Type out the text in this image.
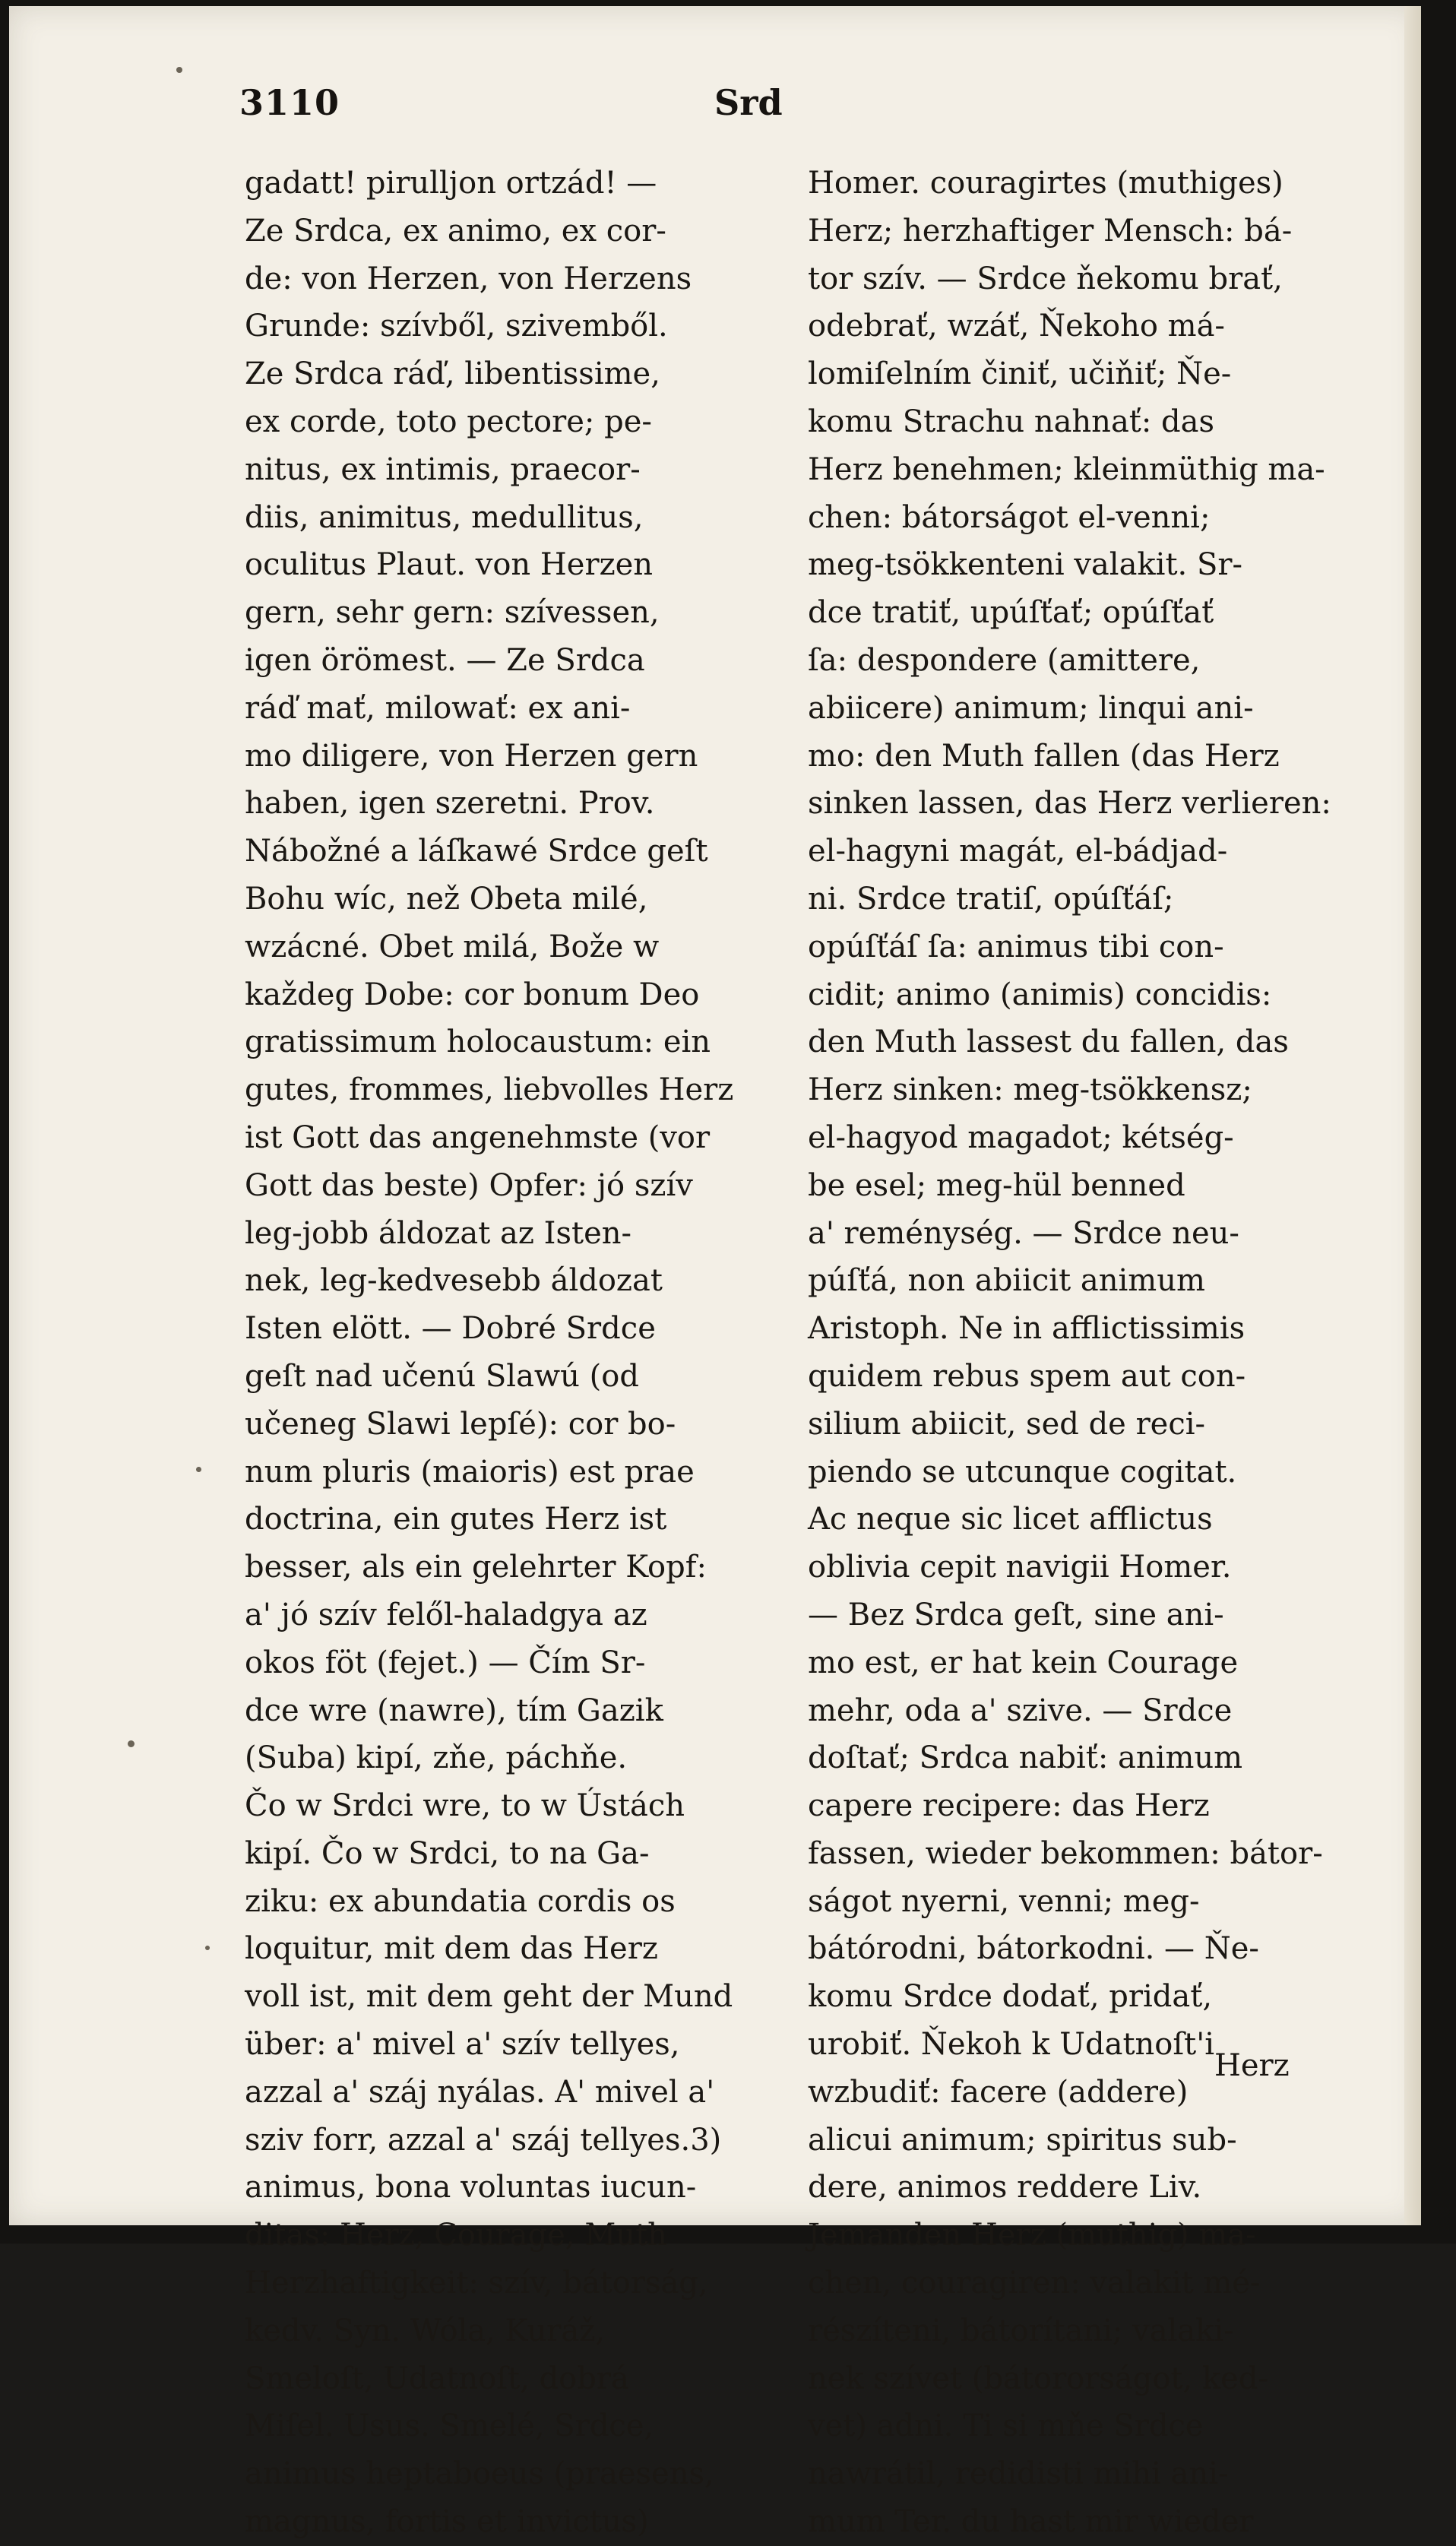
3110	Srd
gadatt! pirulljon ortzád! —
Ze Srdca, ex animo, ex cor-
de: von Herzen, von Herzens
Grunde: szívből, szivemből.
Ze Srdca ráď, libentissime,
ex corde, toto pectore; pe-
nitus, ex intimis, praecor-
diis, animitus, medullitus,
oculitus Plaut. von Herzen
gern, sehr gern: szívessen,
igen örömest. — Ze Srdca
ráď mať, milowať: ex ani-
mo diligere, von Herzen gern
haben, igen szeretni. Prov.
Nábožné a láſkawé Srdce geſt
Bohu wíc, než Obeta milé,
wzácné. Obet milá, Bože w
každeg Dobe: cor bonum Deo
gratissimum holocaustum: ein
gutes, frommes, liebvolles Herz
ist Gott das angenehmste (vor
Gott das beste) Opfer: jó szív
leg-jobb áldozat az Isten-
nek, leg-kedvesebb áldozat
Isten elött. — Dobré Srdce
geſt nad učenú Slawú (od
učeneg Slawi lepſé): cor bo-
num pluris (maioris) est prae
doctrina, ein gutes Herz ist
besser, als ein gelehrter Kopf:
a' jó szív felől-haladgya az
okos föt (fejet.) — Čím Sr-
dce wre (nawre), tím Gazik
(Suba) kipí, zňe, páchňe.
Čo w Srdci wre, to w Ústách
kipí. Čo w Srdci, to na Ga-
ziku: ex abundatia cordis os
loquitur, mit dem das Herz
voll ist, mit dem geht der Mund
über: a' mivel a' szív tellyes,
azzal a' száj nyálas. A' mivel a'
sziv forr, azzal a' száj tellyes.3)
animus, bona voluntas iucun-
ditas: Herz, Courage, Muth
Herzhaftigkeit: szív, bátorság,
kedv. Syn. Wóla, Kuráž,
Smeloſt, Udatnoſt, dobrá
Miſel. Usus. Smelé, Srdce,
animus heptaboeus (praesens,
magnus, fortis et invictus)
Homer. couragirtes (muthiges)
Herz; herzhaftiger Mensch: bá-
tor szív. — Srdce ňekomu brať,
odebrať, wzáť, Ňekoho má-
lomiſelním činiť, učiňiť; Ňe-
komu Strachu nahnať: das
Herz benehmen; kleinmüthig ma-
chen: bátorságot el-venni;
meg-tsökkenteni valakit. Sr-
dce tratiť, upúſťať; opúſťať
ſa: despondere (amittere,
abiicere) animum; linqui ani-
mo: den Muth fallen (das Herz
sinken lassen, das Herz verlieren:
el-hagyni magát, el-bádjad-
ni. Srdce tratiſ, opúſťáſ;
opúſťáſ ſa: animus tibi con-
cidit; animo (animis) concidis:
den Muth lassest du fallen, das
Herz sinken: meg-tsökkensz;
el-hagyod magadot; kétség-
be esel; meg-hül benned
a' reménység. — Srdce neu-
púſťá, non abiicit animum
Aristoph. Ne in afflictissimis
quidem rebus spem aut con-
silium abiicit, sed de reci-
piendo se utcunque cogitat.
Ac neque sic licet afflictus
oblivia cepit navigii Homer.
— Bez Srdca geſt, sine ani-
mo est, er hat kein Courage
mehr, oda a' szive. — Srdce
doſtať; Srdca nabiť: animum
capere recipere: das Herz
fassen, wieder bekommen: bátor-
ságot nyerni, venni; meg-
bátórodni, bátorkodni. — Ňe-
komu Srdce dodať, pridať,
urobiť. Ňekoh k Udatnoſt'i
wzbudiť: facere (addere)
alicui animum; spiritus sub-
dere, animos reddere Liv.
Jemanden Herz (muthig) ma-
chen, couragiren: valakit mé-
részíteni, bátorítani; valaki-
nek szívet (bátororságot, ked-
vet) adni. Ti si mňe Srdce
nawrátil, redidisti mihi ani-
mum Ter. du hast mir wieder
Herz
